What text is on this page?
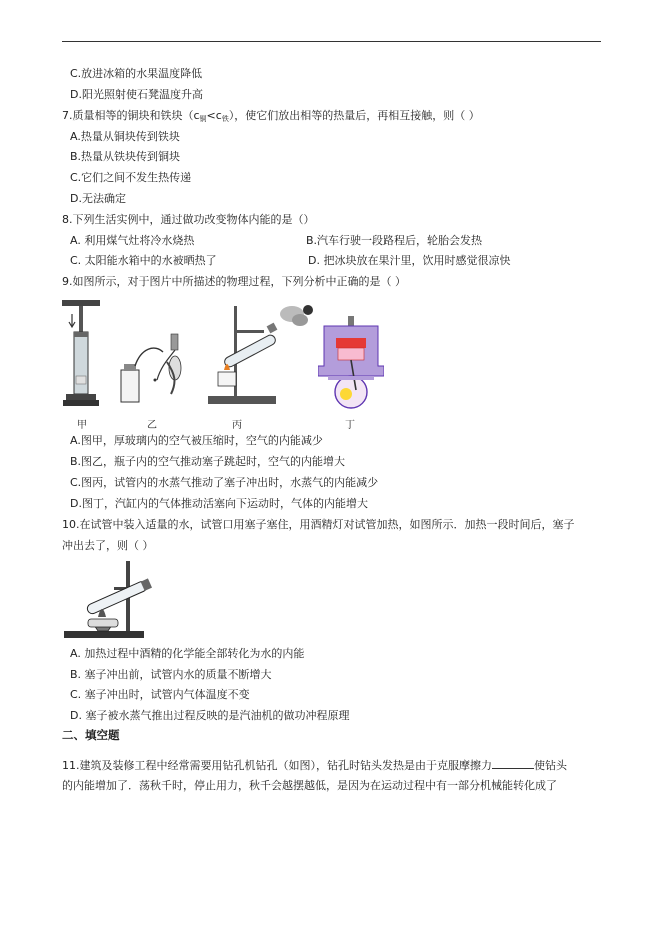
C.放进冰箱的水果温度降低
D.阳光照射使石凳温度升高
7.质量相等的铜块和铁块$(c_铜<c_铁)$，使它们放出相等的热量后，再相互接触，则（ ）
A.热量从铜块传到铁块
B.热量从铁块传到铜块
C.它们之间不发生热传递
D.无法确定
8.下列生活实例中，通过做功改变物体内能的是（）
A. 利用煤气灶将冷水烧热	B.汽车行驶一段路程后，轮胎会发热
C. 太阳能水箱中的水被晒热了	D. 把冰块放在果汁里，饮用时感觉很凉快
9.如图所示，对于图片中所描述的物理过程，下列分析中正确的是（ ）
甲	乙	丙	丁
A.图甲，厚玻璃内的空气被压缩时，空气的内能减少
B.图乙，瓶子内的空气推动塞子跳起时，空气的内能增大
C.图丙，试管内的水蒸气推动了塞子冲出时，水蒸气的内能减少
D.图丁，汽缸内的气体推动活塞向下运动时，气体的内能增大
10.在试管中装入适量的水，试管口用塞子塞住，用酒精灯对试管加热，如图所示．加热一段时间后，塞子
冲出去了，则（ ）
A. 加热过程中酒精的化学能全部转化为水的内能
B. 塞子冲出前，试管内水的质量不断增大
C. 塞子冲出时，试管内气体温度不变
D. 塞子被水蒸气推出过程反映的是汽油机的做功冲程原理
二、填空题
11.建筑及装修工程中经常需要用钻孔机钻孔（如图），钻孔时钻头发热是由于克服摩擦力	使钻头
的内能增加了．荡秋千时，停止用力，秋千会越摆越低，是因为在运动过程中有一部分机械能转化成了
